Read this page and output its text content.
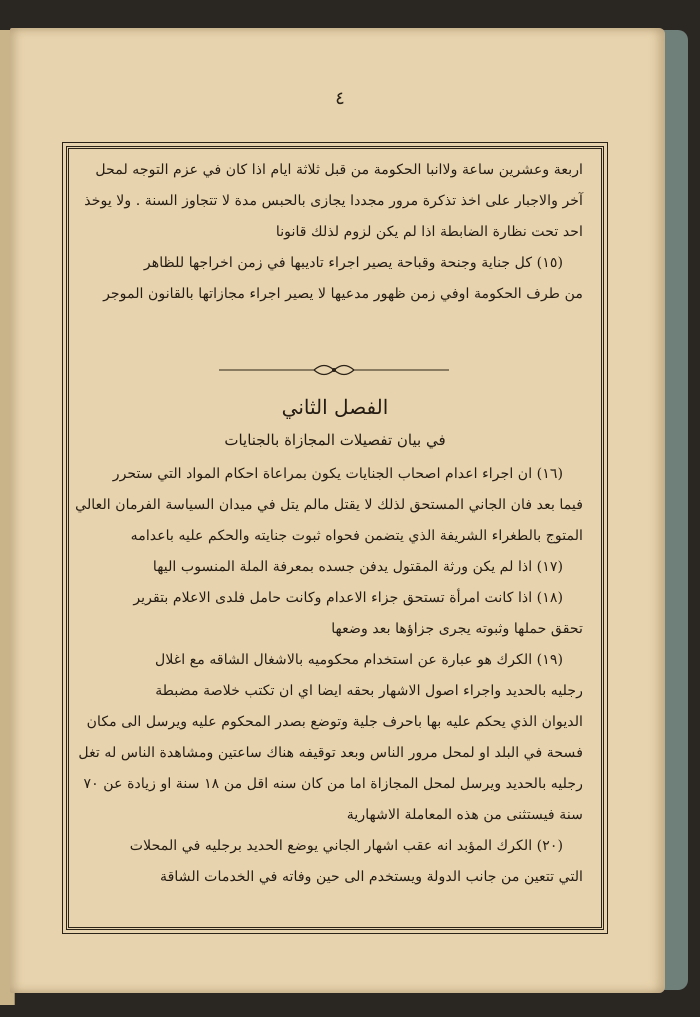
٤
اربعة وعشرين ساعة ولاانبا الحكومة من قبل ثلاثة ايام اذا كان في عزم التوجه لمحل
آخر والاجبار على اخذ تذكرة مرور مجددا يجازى بالحبس مدة لا تتجاوز السنة . ولا يوخذ
احد تحت نظارة الضابطة اذا لم يكن لزوم لذلك قانونا
(١٥) كل جناية وجنحة وقباحة يصير اجراء تاديبها في زمن اخراجها للظاهر
من طرف الحكومة اوفي زمن ظهور مدعيها لا يصير اجراء مجازاتها بالقانون الموجر
الفصل الثاني
في بيان تفصيلات المجازاة بالجنايات
(١٦) ان اجراء اعدام اصحاب الجنايات يكون بمراعاة احكام المواد التي ستحرر
فيما بعد فان الجاني المستحق لذلك لا يقتل مالم يتل في ميدان السياسة الفرمان العالي
المتوج بالطغراء الشريفة الذي يتضمن فحواه ثبوت جنايته والحكم عليه باعدامه
(١٧) اذا لم يكن ورثة المقتول يدفن جسده بمعرفة الملة المنسوب اليها
(١٨) اذا كانت امرأة تستحق جزاء الاعدام وكانت حامل فلدى الاعلام بتقرير
تحقق حملها وثبوته يجرى جزاؤها بعد وضعها
(١٩) الكرك هو عبارة عن استخدام محكوميه بالاشغال الشاقه مع اغلال
رجليه بالحديد واجراء اصول الاشهار بحقه ايضا اي ان تكتب خلاصة مضبطة
الديوان الذي يحكم عليه بها باحرف جلية وتوضع بصدر المحكوم عليه ويرسل الى مكان
فسحة في البلد او لمحل مرور الناس وبعد توقيفه هناك ساعتين ومشاهدة الناس له تغل
رجليه بالحديد ويرسل لمحل المجازاة اما من كان سنه اقل من ١٨ سنة او زيادة عن ٧٠
سنة فيستثنى من هذه المعاملة الاشهارية
(٢٠) الكرك المؤبد انه عقب اشهار الجاني يوضع الحديد برجليه في المحلات
التي تتعين من جانب الدولة ويستخدم الى حين وفاته في الخدمات الشاقة
